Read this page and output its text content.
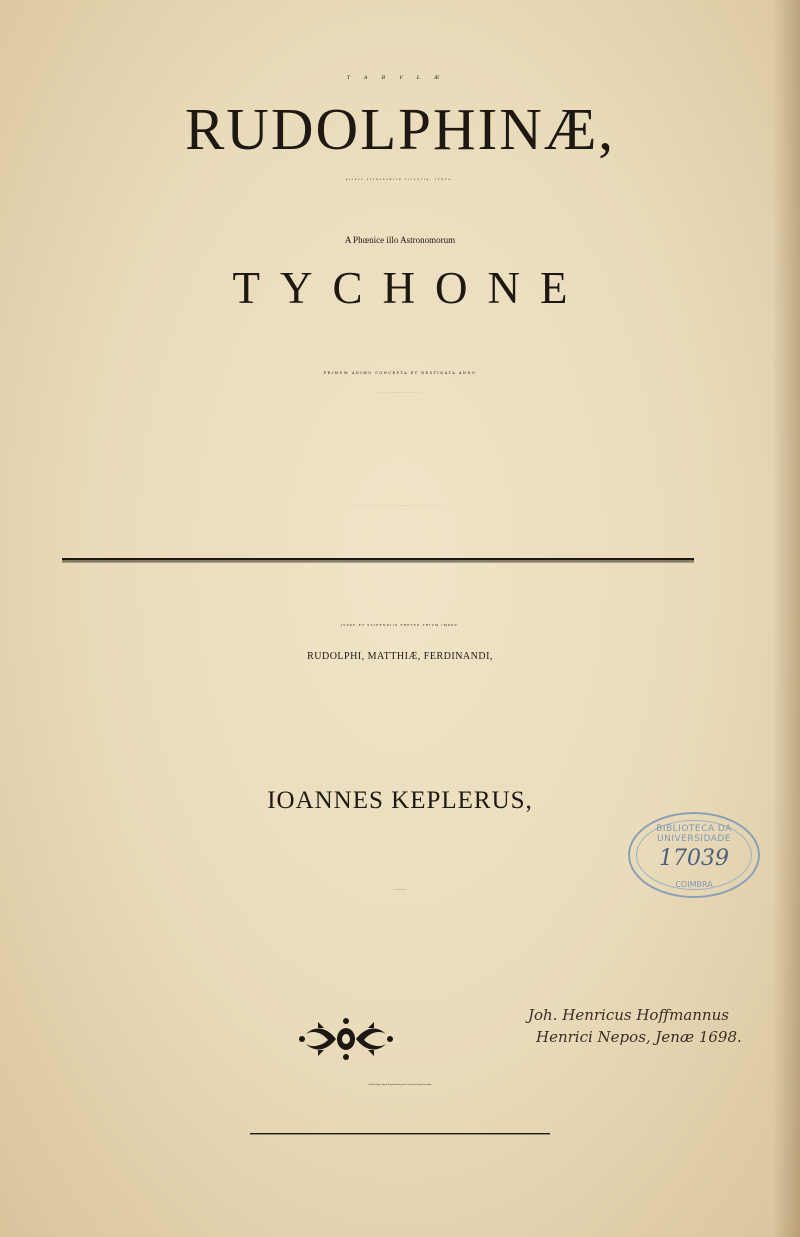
TABVLÆ
RUDOLPHINÆ,
QVIBVS ASTRONOMICÆ SCIENTIÆ, TEMPO-
A Phœnice illo Astronomorum
TYCHONE
PRIMUM ANIMO CONCEPTA ET DESTINATA ANNO
TANDEM TRADVCTA IN GERMANIAM, INQVE AVLAM ET
JVSSV ET STIPENDIIS FRETVS TRIVM IMPPP.
RUDOLPHI, MATTHIÆ, FERDINANDI,
IOANNES KEPLERUS,
Joh. Henricus Hoffmannus
Henrici Nepos, Jenæ 1698.
Cum Privilegiis, Imp. & Regum Rerúmq; publ. vivo Tychoni ejúsq; Hæredibus,
BIBLIOTECA DA UNIVERSIDADE
17039
COIMBRA
